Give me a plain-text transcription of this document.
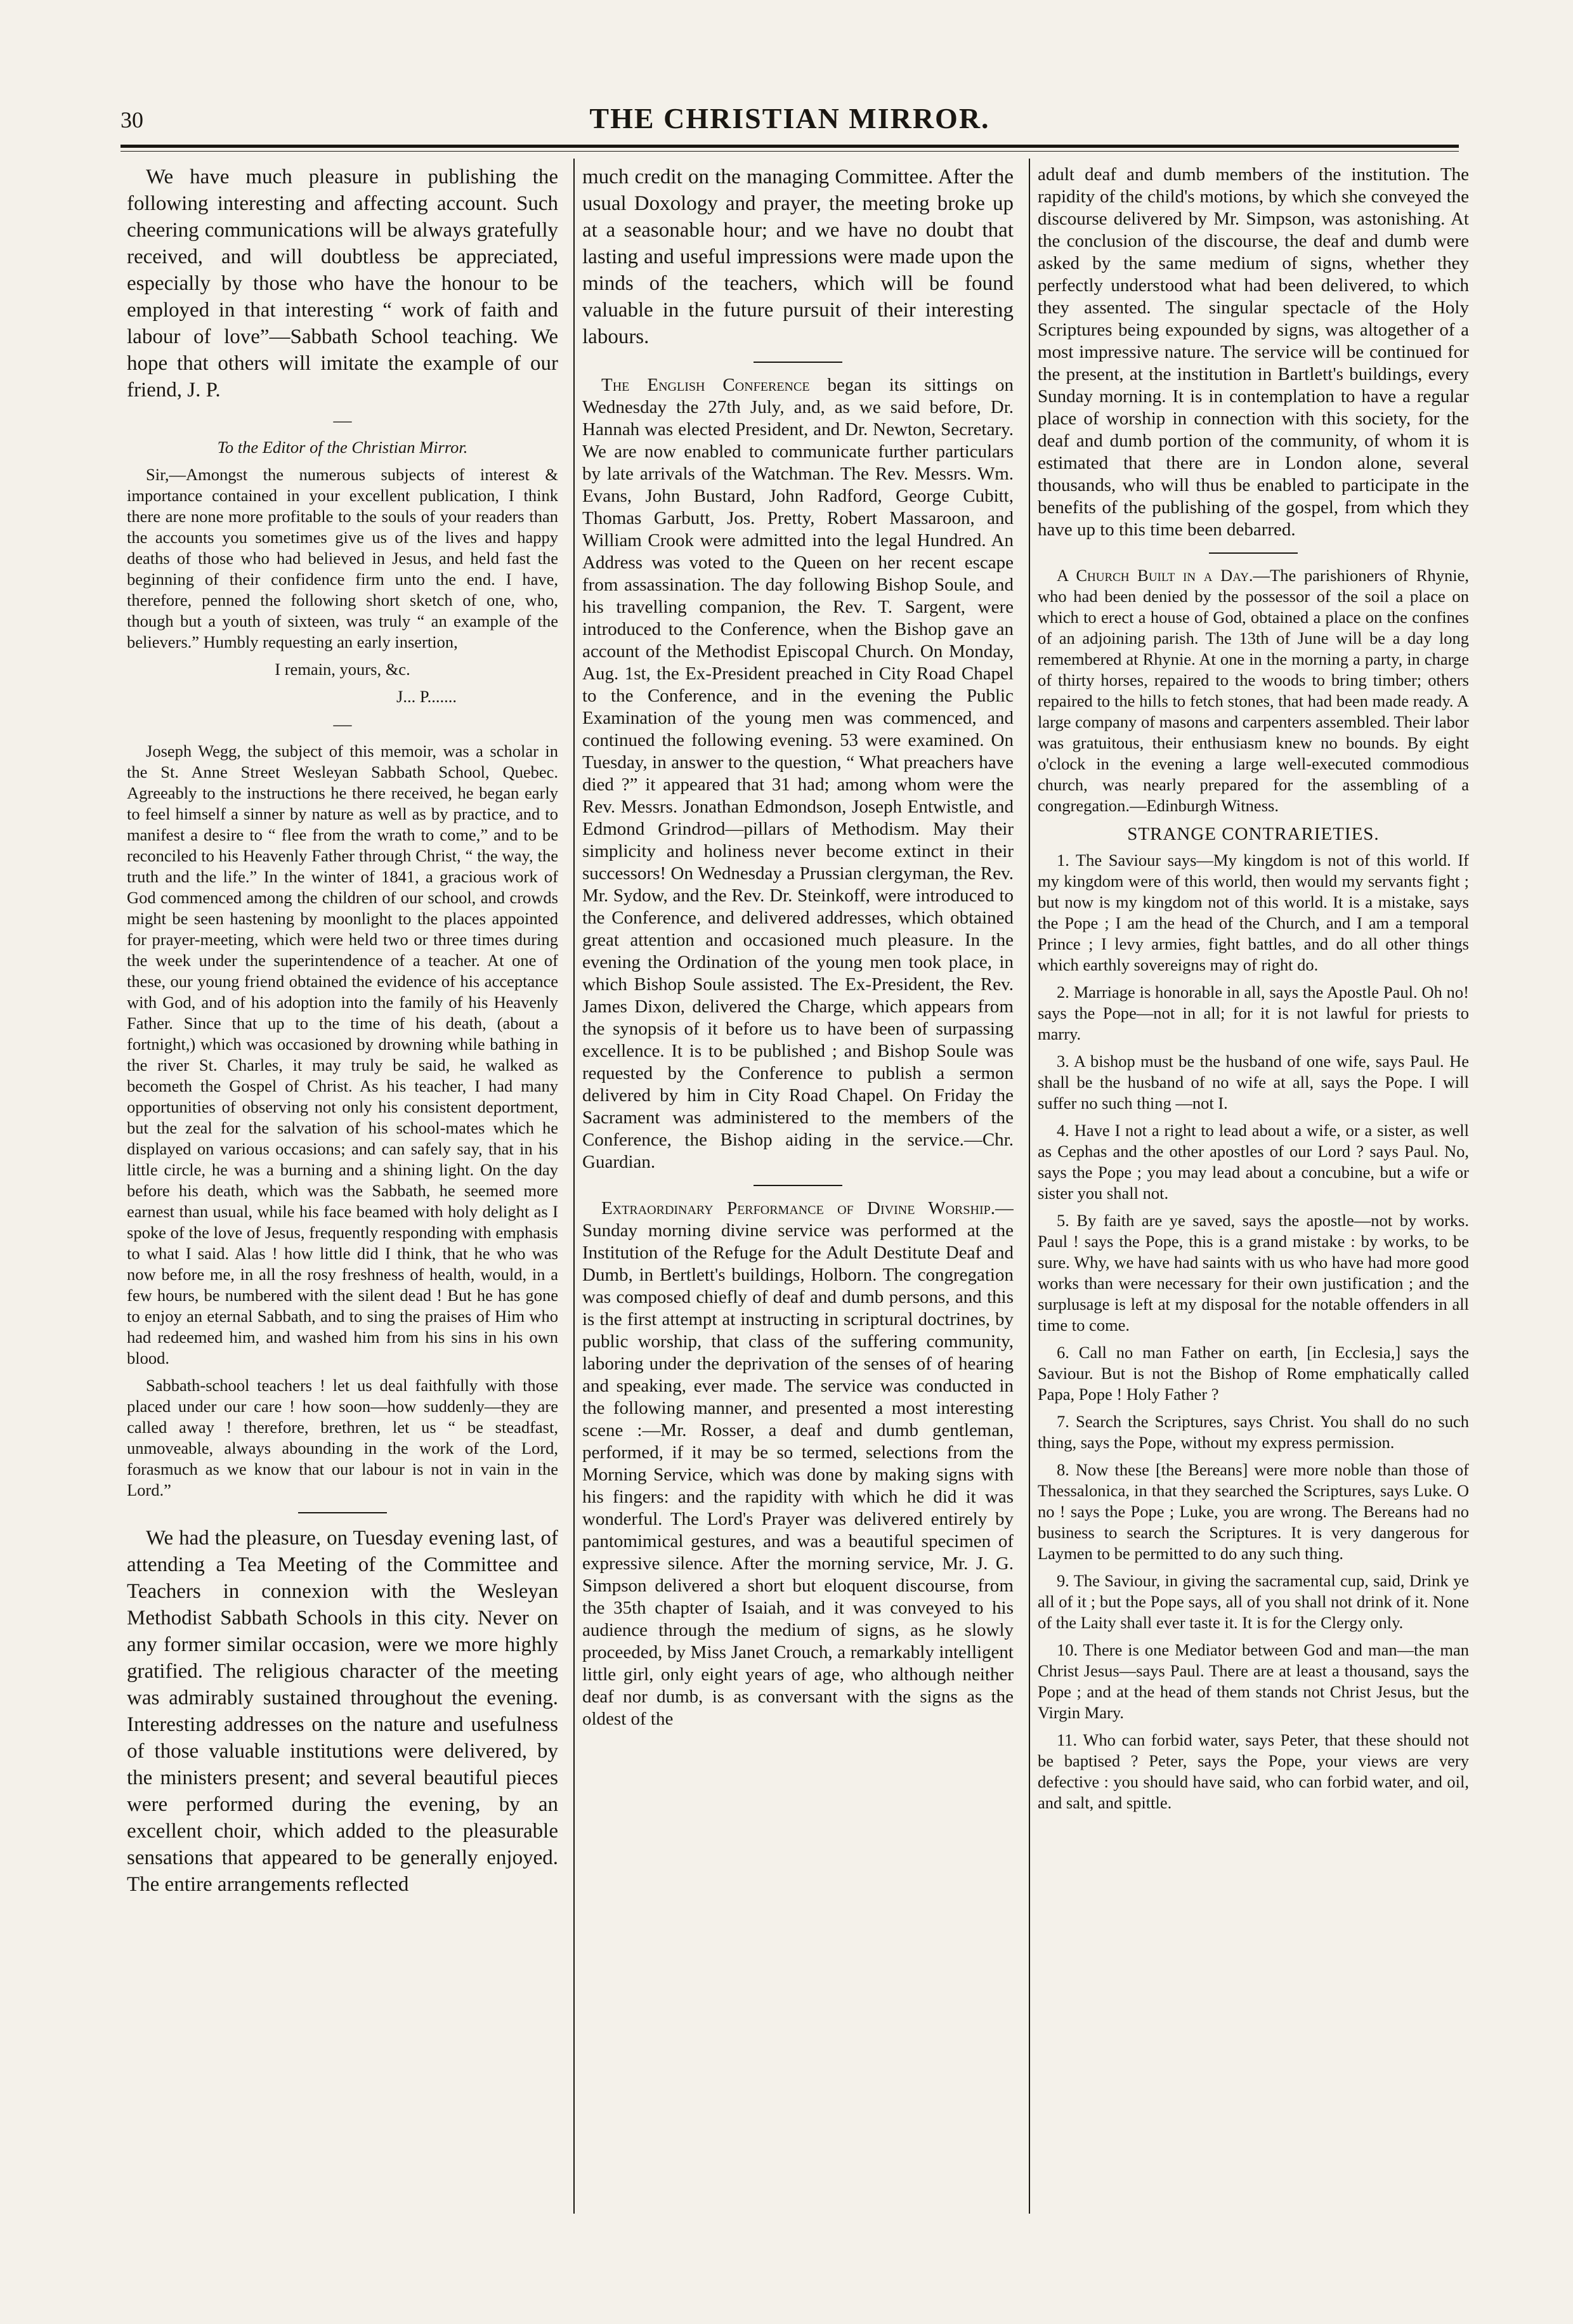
30	THE CHRISTIAN MIRROR.

We have much pleasure in publishing the following interesting and affecting account. Such cheering communications will be always gratefully received, and will doubtless be appreciated, especially by those who have the honour to be employed in that interesting “ work of faith and labour of love”—Sabbath School teaching. We hope that others will imitate the example of our friend, J. P.

—

To the Editor of the Christian Mirror.

Sir,—Amongst the numerous subjects of interest & importance contained in your excellent publication, I think there are none more profitable to the souls of your readers than the accounts you sometimes give us of the lives and happy deaths of those who had believed in Jesus, and held fast the beginning of their confidence firm unto the end. I have, therefore, penned the following short sketch of one, who, though but a youth of sixteen, was truly “ an example of the believers.” Humbly requesting an early insertion,

I remain, yours, &c.

J... P.......

—

Joseph Wegg, the subject of this memoir, was a scholar in the St. Anne Street Wesleyan Sabbath School, Quebec. Agreeably to the instructions he there received, he began early to feel himself a sinner by nature as well as by practice, and to manifest a desire to “ flee from the wrath to come,” and to be reconciled to his Heavenly Father through Christ, “ the way, the truth and the life.” In the winter of 1841, a gracious work of God commenced among the children of our school, and crowds might be seen hastening by moonlight to the places appointed for prayer-meeting, which were held two or three times during the week under the superintendence of a teacher. At one of these, our young friend obtained the evidence of his acceptance with God, and of his adoption into the family of his Heavenly Father. Since that up to the time of his death, (about a fortnight,) which was occasioned by drowning while bathing in the river St. Charles, it may truly be said, he walked as becometh the Gospel of Christ. As his teacher, I had many opportunities of observing not only his consistent deportment, but the zeal for the salvation of his school-mates which he displayed on various occasions; and can safely say, that in his little circle, he was a burning and a shining light. On the day before his death, which was the Sabbath, he seemed more earnest than usual, while his face beamed with holy delight as I spoke of the love of Jesus, frequently responding with emphasis to what I said. Alas ! how little did I think, that he who was now before me, in all the rosy freshness of health, would, in a few hours, be numbered with the silent dead ! But he has gone to enjoy an eternal Sabbath, and to sing the praises of Him who had redeemed him, and washed him from his sins in his own blood.

Sabbath-school teachers ! let us deal faithfully with those placed under our care ! how soon—how suddenly—they are called away ! therefore, brethren, let us “ be steadfast, unmoveable, always abounding in the work of the Lord, forasmuch as we know that our labour is not in vain in the Lord.”

We had the pleasure, on Tuesday evening last, of attending a Tea Meeting of the Committee and Teachers in connexion with the Wesleyan Methodist Sabbath Schools in this city. Never on any former similar occasion, were we more highly gratified. The religious character of the meeting was admirably sustained throughout the evening. Interesting addresses on the nature and usefulness of those valuable institutions were delivered, by the ministers present; and several beautiful pieces were performed during the evening, by an excellent choir, which added to the pleasurable sensations that appeared to be generally enjoyed. The entire arrangements reflected

much credit on the managing Committee. After the usual Doxology and prayer, the meeting broke up at a seasonable hour; and we have no doubt that lasting and useful impressions were made upon the minds of the teachers, which will be found valuable in the future pursuit of their interesting labours.

The English Conference began its sittings on Wednesday the 27th July, and, as we said before, Dr. Hannah was elected President, and Dr. Newton, Secretary. We are now enabled to communicate further particulars by late arrivals of the Watchman. The Rev. Messrs. Wm. Evans, John Bustard, John Radford, George Cubitt, Thomas Garbutt, Jos. Pretty, Robert Massaroon, and William Crook were admitted into the legal Hundred. An Address was voted to the Queen on her recent escape from assassination. The day following Bishop Soule, and his travelling companion, the Rev. T. Sargent, were introduced to the Conference, when the Bishop gave an account of the Methodist Episcopal Church. On Monday, Aug. 1st, the Ex-President preached in City Road Chapel to the Conference, and in the evening the Public Examination of the young men was commenced, and continued the following evening. 53 were examined. On Tuesday, in answer to the question, “ What preachers have died ?” it appeared that 31 had; among whom were the Rev. Messrs. Jonathan Edmondson, Joseph Entwistle, and Edmond Grindrod—pillars of Methodism. May their simplicity and holiness never become extinct in their successors! On Wednesday a Prussian clergyman, the Rev. Mr. Sydow, and the Rev. Dr. Steinkoff, were introduced to the Conference, and delivered addresses, which obtained great attention and occasioned much pleasure. In the evening the Ordination of the young men took place, in which Bishop Soule assisted. The Ex-President, the Rev. James Dixon, delivered the Charge, which appears from the synopsis of it before us to have been of surpassing excellence. It is to be published ; and Bishop Soule was requested by the Conference to publish a sermon delivered by him in City Road Chapel. On Friday the Sacrament was administered to the members of the Conference, the Bishop aiding in the service.—Chr. Guardian.

Extraordinary Performance of Divine Worship.—Sunday morning divine service was performed at the Institution of the Refuge for the Adult Destitute Deaf and Dumb, in Bertlett's buildings, Holborn. The congregation was composed chiefly of deaf and dumb persons, and this is the first attempt at instructing in scriptural doctrines, by public worship, that class of the suffering community, laboring under the deprivation of the senses of of hearing and speaking, ever made. The service was conducted in the following manner, and presented a most interesting scene :—Mr. Rosser, a deaf and dumb gentleman, performed, if it may be so termed, selections from the Morning Service, which was done by making signs with his fingers: and the rapidity with which he did it was wonderful. The Lord's Prayer was delivered entirely by pantomimical gestures, and was a beautiful specimen of expressive silence. After the morning service, Mr. J. G. Simpson delivered a short but eloquent discourse, from the 35th chapter of Isaiah, and it was conveyed to his audience through the medium of signs, as he slowly proceeded, by Miss Janet Crouch, a remarkably intelligent little girl, only eight years of age, who although neither deaf nor dumb, is as conversant with the signs as the oldest of the

adult deaf and dumb members of the institution. The rapidity of the child's motions, by which she conveyed the discourse delivered by Mr. Simpson, was astonishing. At the conclusion of the discourse, the deaf and dumb were asked by the same medium of signs, whether they perfectly understood what had been delivered, to which they assented. The singular spectacle of the Holy Scriptures being expounded by signs, was altogether of a most impressive nature. The service will be continued for the present, at the institution in Bartlett's buildings, every Sunday morning. It is in contemplation to have a regular place of worship in connection with this society, for the deaf and dumb portion of the community, of whom it is estimated that there are in London alone, several thousands, who will thus be enabled to participate in the benefits of the publishing of the gospel, from which they have up to this time been debarred.

A Church Built in a Day.—The parishioners of Rhynie, who had been denied by the possessor of the soil a place on which to erect a house of God, obtained a place on the confines of an adjoining parish. The 13th of June will be a day long remembered at Rhynie. At one in the morning a party, in charge of thirty horses, repaired to the woods to bring timber; others repaired to the hills to fetch stones, that had been made ready. A large company of masons and carpenters assembled. Their labor was gratuitous, their enthusiasm knew no bounds. By eight o'clock in the evening a large well-executed commodious church, was nearly prepared for the assembling of a congregation.—Edinburgh Witness.

STRANGE CONTRARIETIES.

1. The Saviour says—My kingdom is not of this world. If my kingdom were of this world, then would my servants fight ; but now is my kingdom not of this world. It is a mistake, says the Pope ; I am the head of the Church, and I am a temporal Prince ; I levy armies, fight battles, and do all other things which earthly sovereigns may of right do.

2. Marriage is honorable in all, says the Apostle Paul. Oh no! says the Pope—not in all; for it is not lawful for priests to marry.

3. A bishop must be the husband of one wife, says Paul. He shall be the husband of no wife at all, says the Pope. I will suffer no such thing —not I.

4. Have I not a right to lead about a wife, or a sister, as well as Cephas and the other apostles of our Lord ? says Paul. No, says the Pope ; you may lead about a concubine, but a wife or sister you shall not.

5. By faith are ye saved, says the apostle—not by works. Paul ! says the Pope, this is a grand mistake : by works, to be sure. Why, we have had saints with us who have had more good works than were necessary for their own justification ; and the surplusage is left at my disposal for the notable offenders in all time to come.

6. Call no man Father on earth, [in Ecclesia,] says the Saviour. But is not the Bishop of Rome emphatically called Papa, Pope ! Holy Father ?

7. Search the Scriptures, says Christ. You shall do no such thing, says the Pope, without my express permission.

8. Now these [the Bereans] were more noble than those of Thessalonica, in that they searched the Scriptures, says Luke. O no ! says the Pope ; Luke, you are wrong. The Bereans had no business to search the Scriptures. It is very dangerous for Laymen to be permitted to do any such thing.

9. The Saviour, in giving the sacramental cup, said, Drink ye all of it ; but the Pope says, all of you shall not drink of it. None of the Laity shall ever taste it. It is for the Clergy only.

10. There is one Mediator between God and man—the man Christ Jesus—says Paul. There are at least a thousand, says the Pope ; and at the head of them stands not Christ Jesus, but the Virgin Mary.

11. Who can forbid water, says Peter, that these should not be baptised ? Peter, says the Pope, your views are very defective : you should have said, who can forbid water, and oil, and salt, and spittle.
